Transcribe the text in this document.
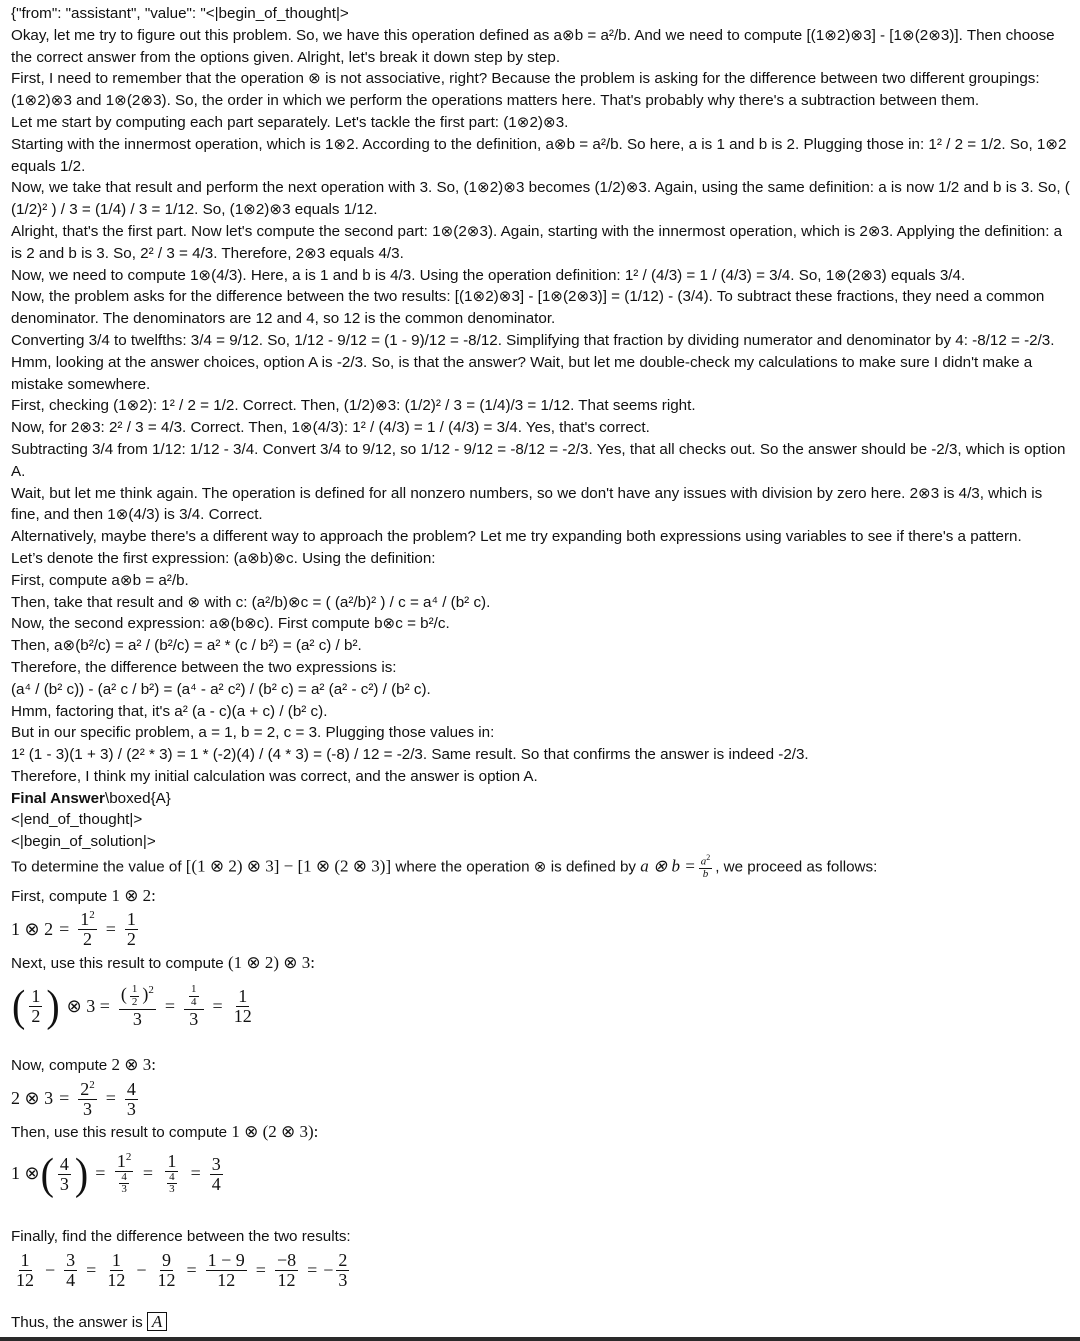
{"from": "assistant", "value": "<|begin_of_thought|>

Okay, let me try to figure out this problem. So, we have this operation defined as a⊗b = a²/b. And we need to compute [(1⊗2)⊗3] - [1⊗(2⊗3)]. Then choose the correct answer from the options given. Alright, let's break it down step by step.

First, I need to remember that the operation ⊗ is not associative, right? Because the problem is asking for the difference between two different groupings: (1⊗2)⊗3 and 1⊗(2⊗3). So, the order in which we perform the operations matters here. That's probably why there's a subtraction between them.

Let me start by computing each part separately. Let's tackle the first part: (1⊗2)⊗3.

Starting with the innermost operation, which is 1⊗2. According to the definition, a⊗b = a²/b. So here, a is 1 and b is 2. Plugging those in: 1² / 2 = 1/2. So, 1⊗2 equals 1/2.

Now, we take that result and perform the next operation with 3. So, (1⊗2)⊗3 becomes (1/2)⊗3. Again, using the same definition: a is now 1/2 and b is 3. So, ( (1/2)² ) / 3 = (1/4) / 3 = 1/12. So, (1⊗2)⊗3 equals 1/12.

Alright, that's the first part. Now let's compute the second part: 1⊗(2⊗3). Again, starting with the innermost operation, which is 2⊗3. Applying the definition: a is 2 and b is 3. So, 2² / 3 = 4/3. Therefore, 2⊗3 equals 4/3.

Now, we need to compute 1⊗(4/3). Here, a is 1 and b is 4/3. Using the operation definition: 1² / (4/3) = 1 / (4/3) = 3/4. So, 1⊗(2⊗3) equals 3/4.

Now, the problem asks for the difference between the two results: [(1⊗2)⊗3] - [1⊗(2⊗3)] = (1/12) - (3/4). To subtract these fractions, they need a common denominator. The denominators are 12 and 4, so 12 is the common denominator.

Converting 3/4 to twelfths: 3/4 = 9/12. So, 1/12 - 9/12 = (1 - 9)/12 = -8/12. Simplifying that fraction by dividing numerator and denominator by 4: -8/12 = -2/3.

Hmm, looking at the answer choices, option A is -2/3. So, is that the answer? Wait, but let me double-check my calculations to make sure I didn't make a mistake somewhere.

First, checking (1⊗2): 1² / 2 = 1/2. Correct. Then, (1/2)⊗3: (1/2)² / 3 = (1/4)/3 = 1/12. That seems right.

Now, for 2⊗3: 2² / 3 = 4/3. Correct. Then, 1⊗(4/3): 1² / (4/3) = 1 / (4/3) = 3/4. Yes, that's correct.

Subtracting 3/4 from 1/12: 1/12 - 3/4. Convert 3/4 to 9/12, so 1/12 - 9/12 = -8/12 = -2/3. Yes, that all checks out. So the answer should be -2/3, which is option A.

Wait, but let me think again. The operation is defined for all nonzero numbers, so we don't have any issues with division by zero here. 2⊗3 is 4/3, which is fine, and then 1⊗(4/3) is 3/4. Correct.

Alternatively, maybe there's a different way to approach the problem? Let me try expanding both expressions using variables to see if there's a pattern.

Let’s denote the first expression: (a⊗b)⊗c. Using the definition:

First, compute a⊗b = a²/b.

Then, take that result and ⊗ with c: (a²/b)⊗c = ( (a²/b)² ) / c = a⁴ / (b² c).

Now, the second expression: a⊗(b⊗c). First compute b⊗c = b²/c.

Then, a⊗(b²/c) = a² / (b²/c) = a² * (c / b²) = (a² c) / b².

Therefore, the difference between the two expressions is:

(a⁴ / (b² c)) - (a² c / b²) = (a⁴ - a² c²) / (b² c) = a² (a² - c²) / (b² c).

Hmm, factoring that, it's a² (a - c)(a + c) / (b² c).

But in our specific problem, a = 1, b = 2, c = 3. Plugging those values in:

1² (1 - 3)(1 + 3) / (2² * 3) = 1 * (-2)(4) / (4 * 3) = (-8) / 12 = -2/3. Same result. So that confirms the answer is indeed -2/3.

Therefore, I think my initial calculation was correct, and the answer is option A.

Final Answer\boxed{A}

<|end_of_thought|>

<|begin_of_solution|>

To determine the value of [(1 ⊗ 2) ⊗ 3] − [1 ⊗ (2 ⊗ 3)] where the operation ⊗ is defined by a ⊗ $b = \frac{a^2}{b}$ , we proceed as follows:
First, compute 1 ⊗ 2:
1 ⊗ $2 = \frac{1^2}{2} = \frac{1}{2}$
Next, use this result to compute (1 ⊗ 2) ⊗ 3:
( $\frac{1}{2}$ ) ⊗ $3 = \frac{( \frac{1}{2} )^2}{3} = \frac{\frac{1}{4}}{3} = \frac{1}{12}$
Now, compute 2 ⊗ 3:
2 ⊗ $3 = \frac{2^2}{3} = \frac{4}{3}$
Then, use this result to compute 1 ⊗ (2 ⊗ 3):
1 ⊗ ( $\frac{4}{3}$ ) = $\frac{1^2}{\frac{4}{3}} = \frac{1}{\frac{4}{3}} = \frac{3}{4}$
Finally, find the difference between the two results:
$\frac{1}{12} - \frac{3}{4} = \frac{1}{12} - \frac{9}{12} = \frac{1 - 9}{12} = \frac{-8}{12}$ = − $\frac{2}{3}$
Thus, the answer is A
